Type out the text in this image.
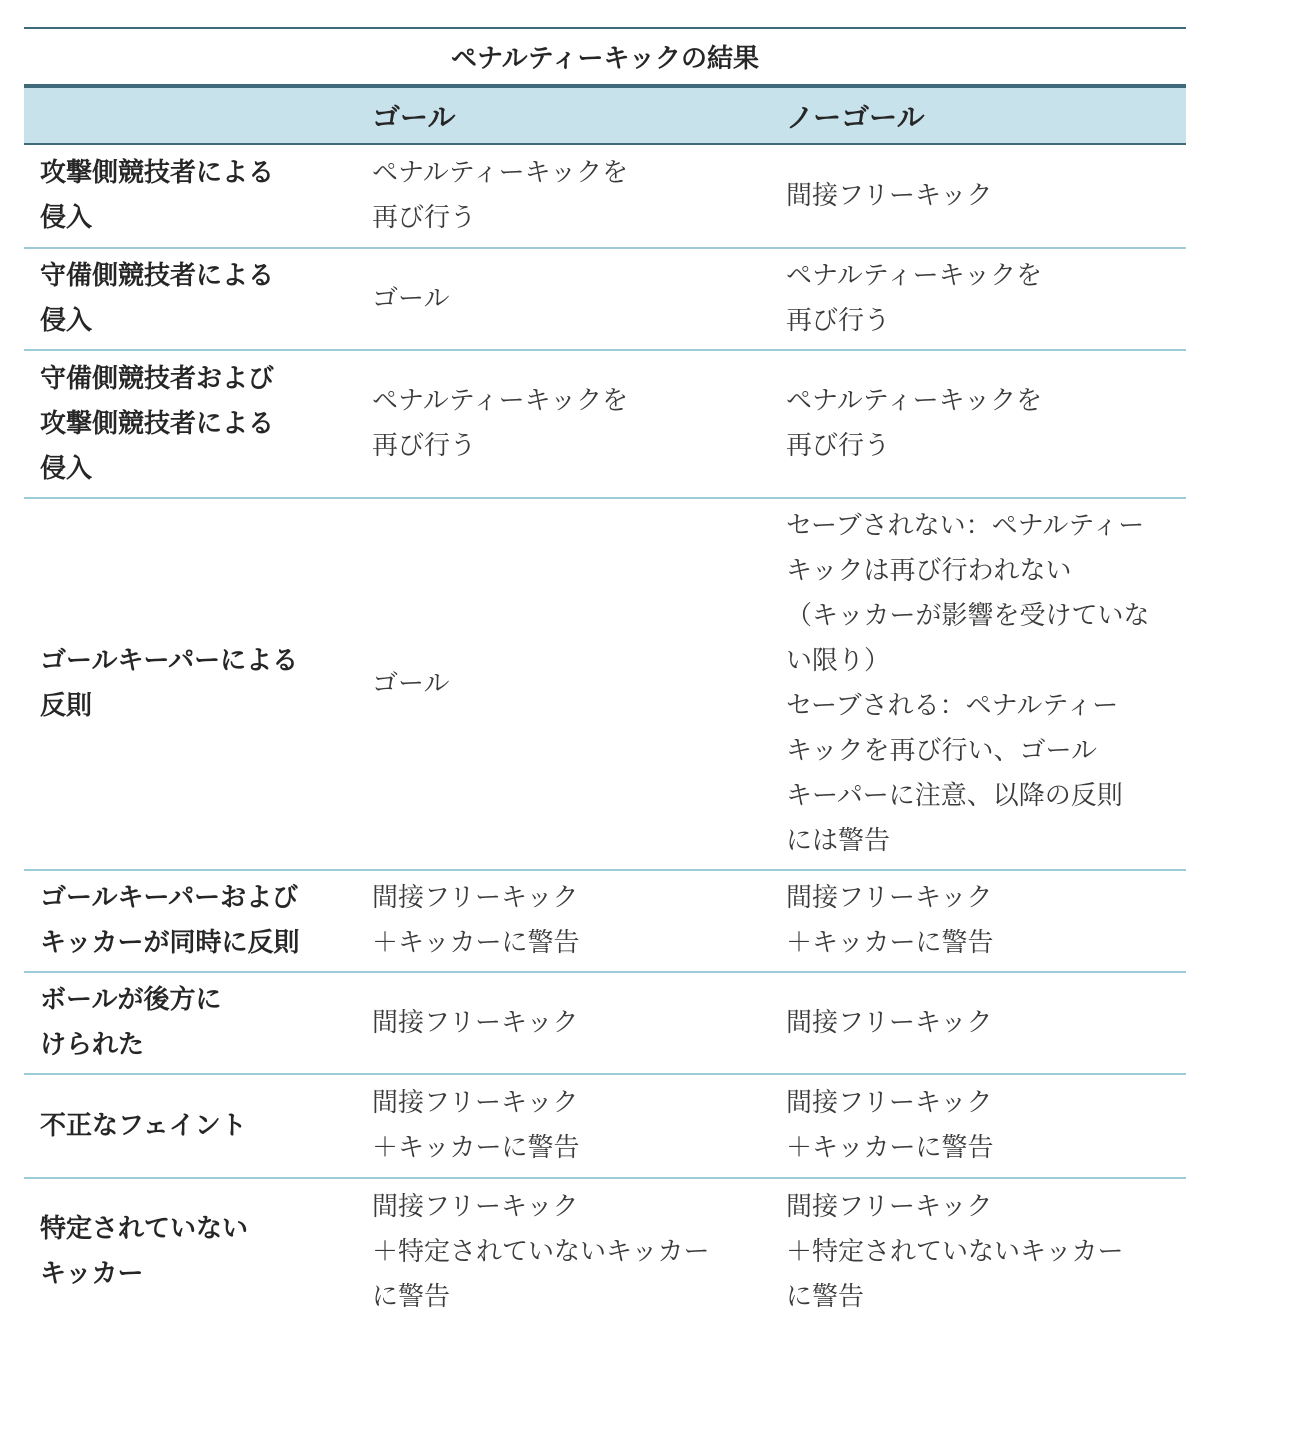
ペナルティーキックの結果
ゴール	ノーゴール
攻撃側競技者による
侵入
ペナルティーキックを
再び行う
間接フリーキック
守備側競技者による
侵入
ゴール
ペナルティーキックを
再び行う
守備側競技者および
攻撃側競技者による
侵入
ペナルティーキックを
再び行う
ペナルティーキックを
再び行う
ゴールキーパーによる
反則
ゴール
セーブされない：ペナルティー
キックは再び行われない
（キッカーが影響を受けていな
い限り）
セーブされる：ペナルティー
キックを再び行い、ゴール
キーパーに注意、以降の反則
には警告
ゴールキーパーおよび
キッカーが同時に反則
間接フリーキック
＋キッカーに警告
間接フリーキック
＋キッカーに警告
ボールが後方に
けられた
間接フリーキック	間接フリーキック
不正なフェイント
間接フリーキック
＋キッカーに警告
間接フリーキック
＋キッカーに警告
特定されていない
キッカー
間接フリーキック
＋特定されていないキッカー
に警告
間接フリーキック
＋特定されていないキッカー
に警告
